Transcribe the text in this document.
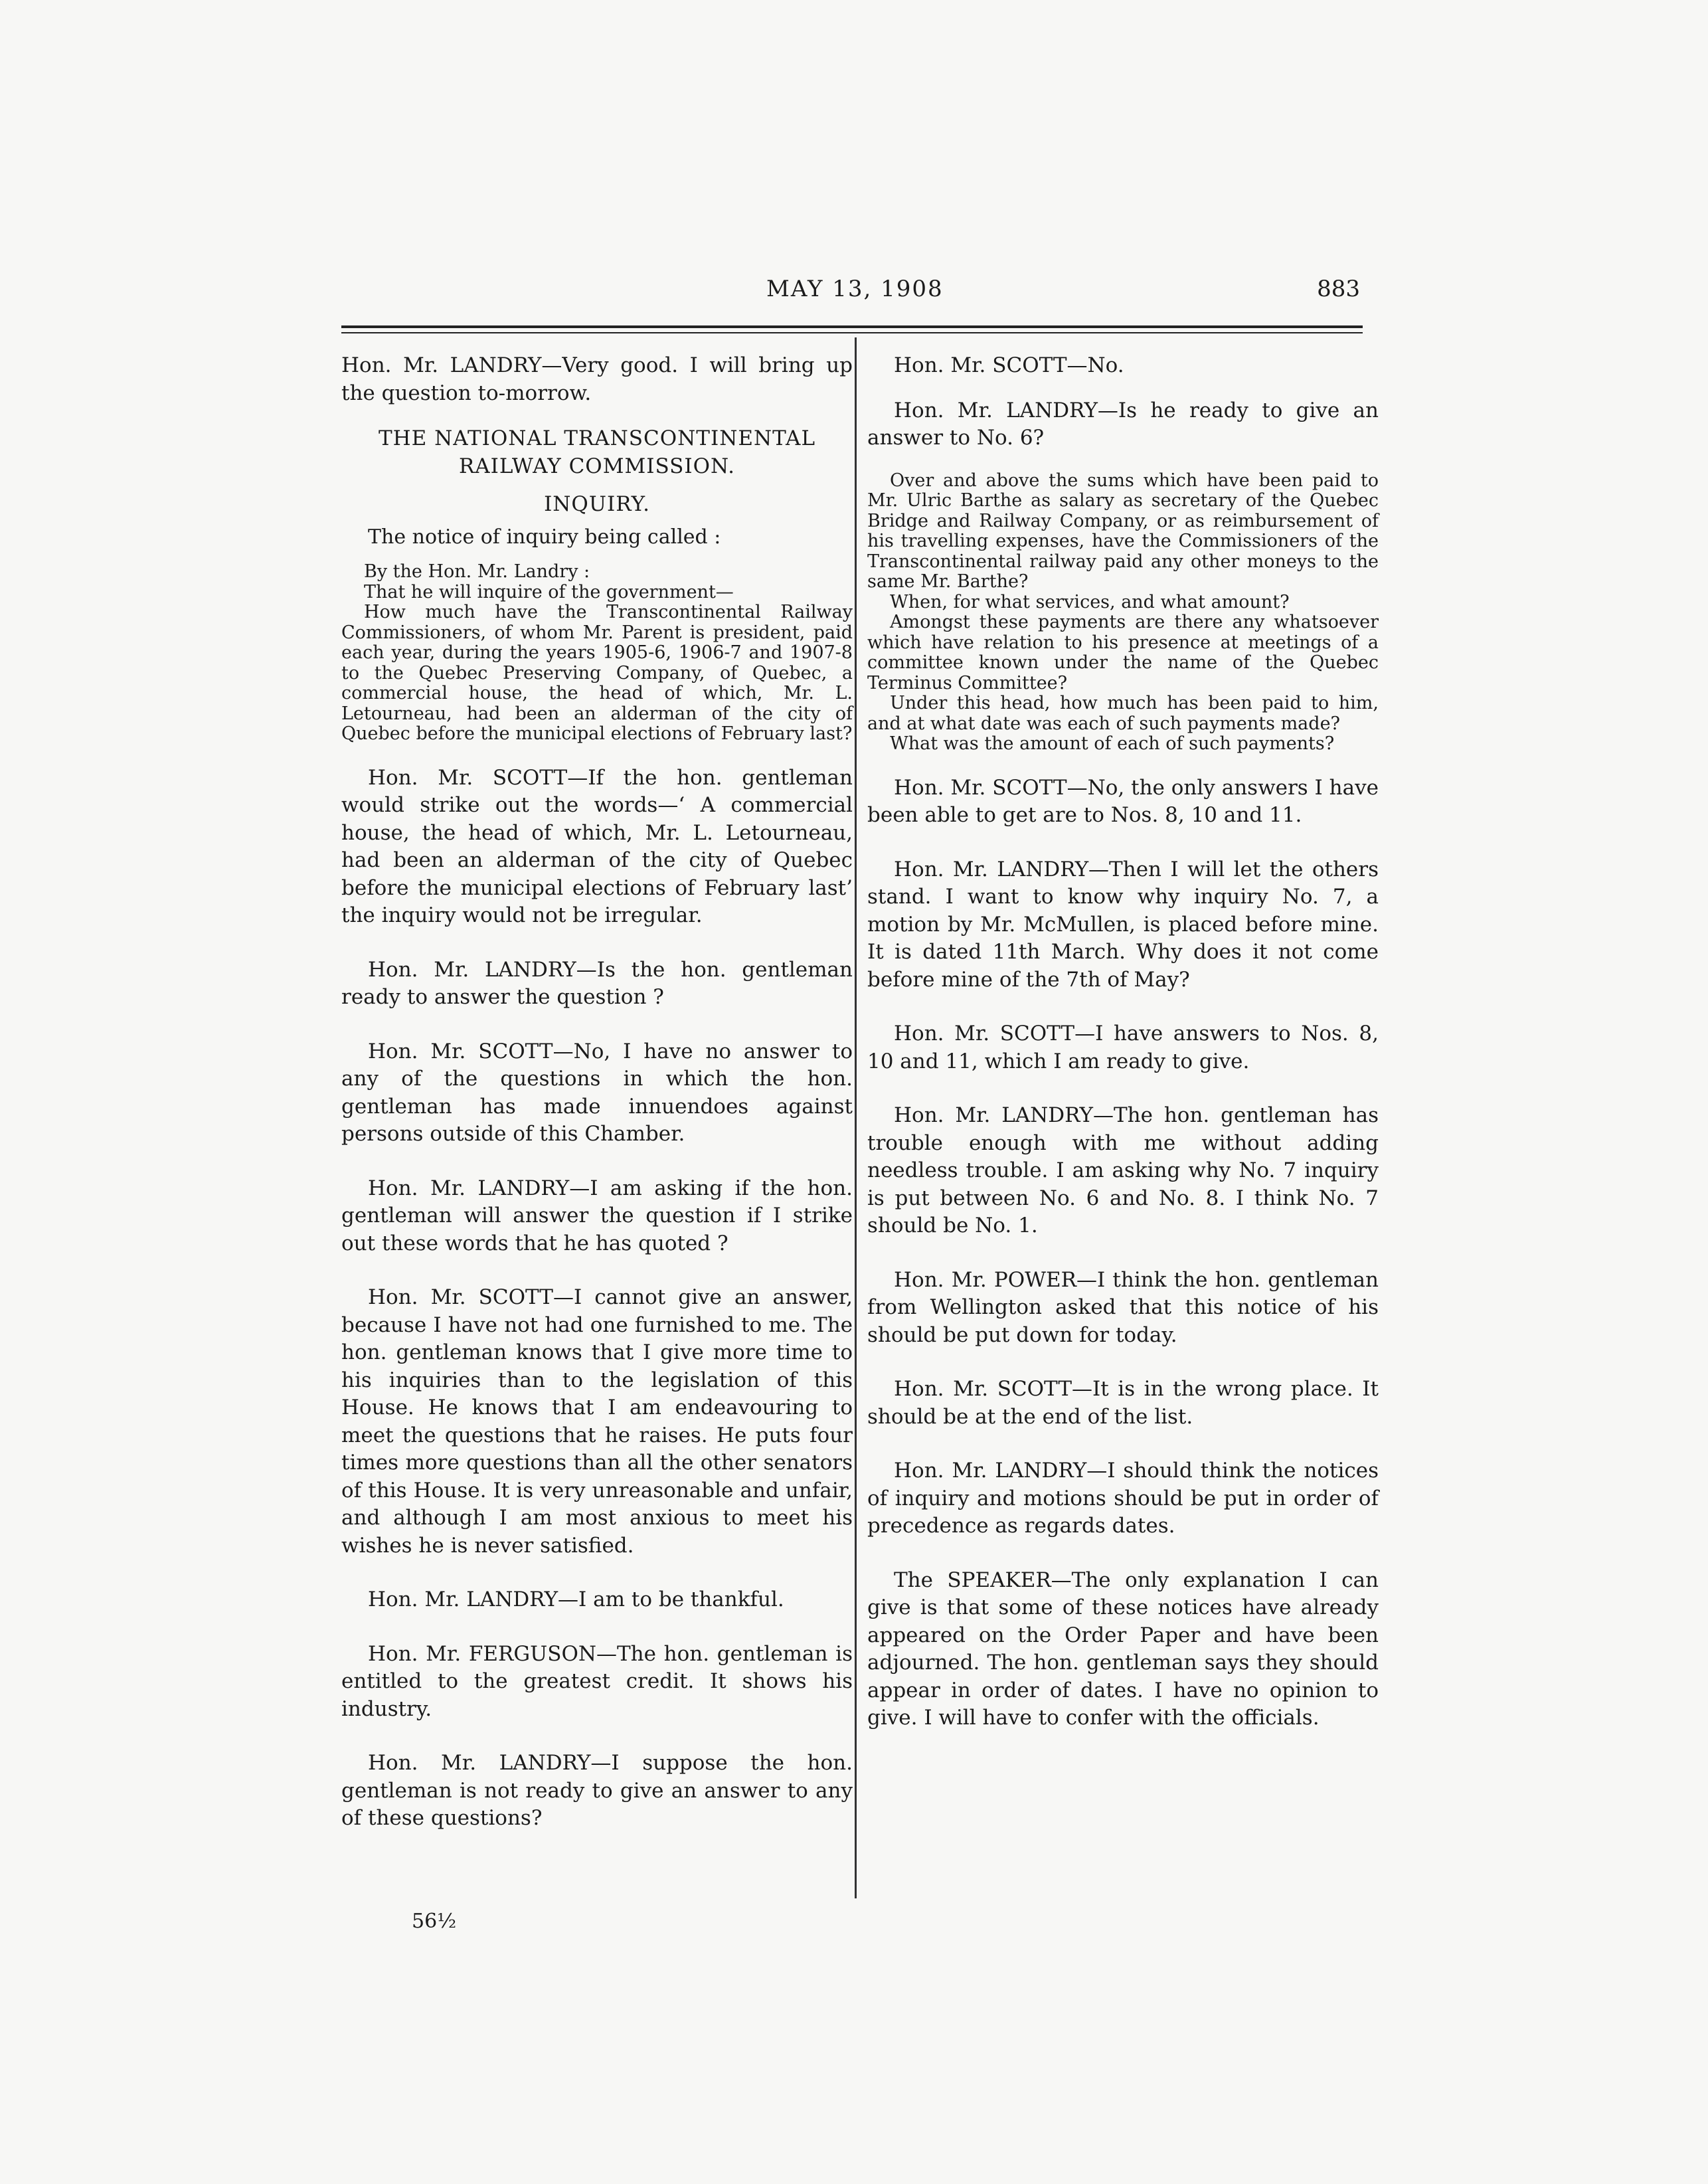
MAY 13, 1908	883

Hon. Mr. LANDRY—Very good. I will bring up the question to-morrow.

THE NATIONAL TRANSCONTINENTAL
RAILWAY COMMISSION.

INQUIRY.

The notice of inquiry being called :

By the Hon. Mr. Landry :

That he will inquire of the government—

How much have the Transcontinental Railway Commissioners, of whom Mr. Parent is president, paid each year, during the years 1905-6, 1906-7 and 1907-8 to the Quebec Preserving Company, of Quebec, a commercial house, the head of which, Mr. L. Letourneau, had been an alderman of the city of Quebec before the municipal elections of February last?

Hon. Mr. SCOTT—If the hon. gentleman would strike out the words—‘ A commercial house, the head of which, Mr. L. Letourneau, had been an alderman of the city of Quebec before the municipal elections of February last’ the inquiry would not be irregular.

Hon. Mr. LANDRY—Is the hon. gentleman ready to answer the question ?

Hon. Mr. SCOTT—No, I have no answer to any of the questions in which the hon. gentleman has made innuendoes against persons outside of this Chamber.

Hon. Mr. LANDRY—I am asking if the hon. gentleman will answer the question if I strike out these words that he has quoted ?

Hon. Mr. SCOTT—I cannot give an answer, because I have not had one furnished to me. The hon. gentleman knows that I give more time to his inquiries than to the legislation of this House. He knows that I am endeavouring to meet the questions that he raises. He puts four times more questions than all the other senators of this House. It is very unreasonable and unfair, and although I am most anxious to meet his wishes he is never satisfied.

Hon. Mr. LANDRY—I am to be thankful.

Hon. Mr. FERGUSON—The hon. gentleman is entitled to the greatest credit. It shows his industry.

Hon. Mr. LANDRY—I suppose the hon. gentleman is not ready to give an answer to any of these questions?

56½

Hon. Mr. SCOTT—No.

Hon. Mr. LANDRY—Is he ready to give an answer to No. 6?

Over and above the sums which have been paid to Mr. Ulric Barthe as salary as secretary of the Quebec Bridge and Railway Company, or as reimbursement of his travelling expenses, have the Commissioners of the Transcontinental railway paid any other moneys to the same Mr. Barthe?

When, for what services, and what amount?

Amongst these payments are there any whatsoever which have relation to his presence at meetings of a committee known under the name of the Quebec Terminus Committee?

Under this head, how much has been paid to him, and at what date was each of such payments made?

What was the amount of each of such payments?

Hon. Mr. SCOTT—No, the only answers I have been able to get are to Nos. 8, 10 and 11.

Hon. Mr. LANDRY—Then I will let the others stand. I want to know why inquiry No. 7, a motion by Mr. McMullen, is placed before mine. It is dated 11th March. Why does it not come before mine of the 7th of May?

Hon. Mr. SCOTT—I have answers to Nos. 8, 10 and 11, which I am ready to give.

Hon. Mr. LANDRY—The hon. gentleman has trouble enough with me without adding needless trouble. I am asking why No. 7 inquiry is put between No. 6 and No. 8. I think No. 7 should be No. 1.

Hon. Mr. POWER—I think the hon. gentleman from Wellington asked that this notice of his should be put down for today.

Hon. Mr. SCOTT—It is in the wrong place. It should be at the end of the list.

Hon. Mr. LANDRY—I should think the notices of inquiry and motions should be put in order of precedence as regards dates.

The SPEAKER—The only explanation I can give is that some of these notices have already appeared on the Order Paper and have been adjourned. The hon. gentleman says they should appear in order of dates. I have no opinion to give. I will have to confer with the officials.
